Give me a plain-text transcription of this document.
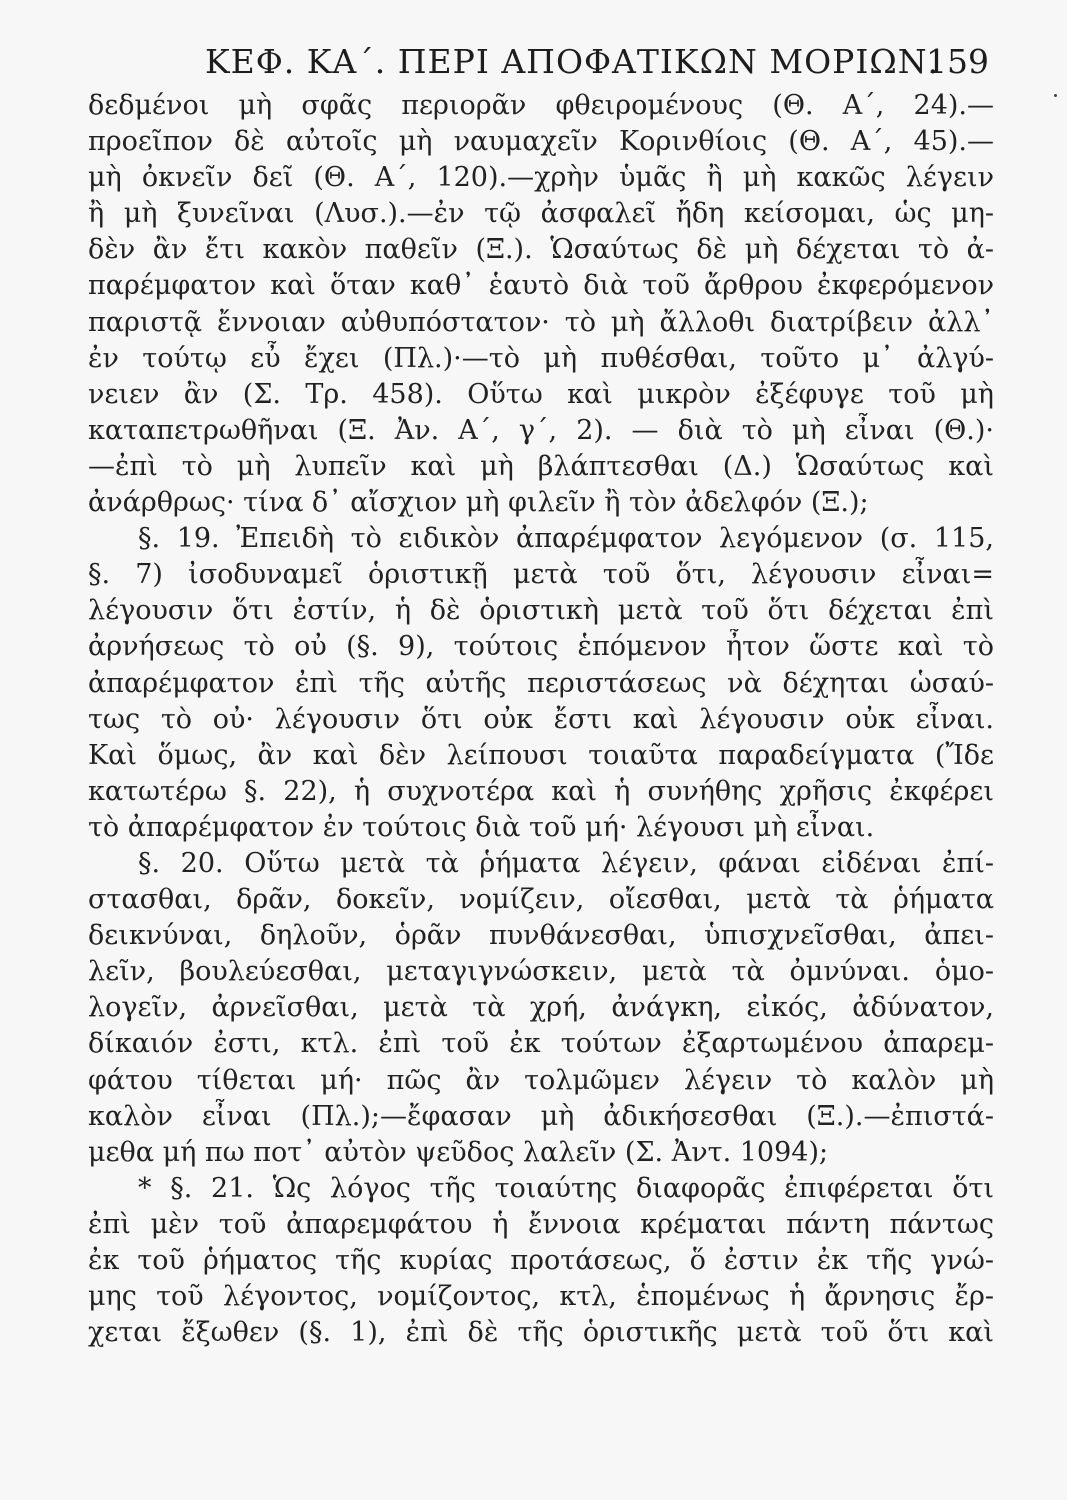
ΚΕΦ. ΚΑ΄. ΠΕΡΙ ΑΠΟΦΑΤΙΚΩΝ ΜΟΡΙΩΝ.
159
δεδμένοι μὴ σφᾶς περιορᾶν φθειρομένους (Θ. Α΄, 24).—
προεῖπον δὲ αὐτοῖς μὴ ναυμαχεῖν Κορινθίοις (Θ. Α΄, 45).—
μὴ ὀκνεῖν δεῖ (Θ. Α΄, 120).—χρὴν ὑμᾶς ἢ μὴ κακῶς λέγειν
ἢ μὴ ξυνεῖναι (Λυσ.).—ἐν τῷ ἀσφαλεῖ ἤδη κείσομαι, ὡς μη-
δὲν ἂν ἔτι κακὸν παθεῖν (Ξ.). Ὡσαύτως δὲ μὴ δέχεται τὸ ἀ-
παρέμφατον καὶ ὅταν καθ᾽ ἑαυτὸ διὰ τοῦ ἄρθρου ἐκφερόμενον
παριστᾷ ἔννοιαν αὐθυπόστατον· τὸ μὴ ἄλλοθι διατρίβειν ἀλλ᾽
ἐν τούτῳ εὖ ἔχει (Πλ.)·—τὸ μὴ πυθέσθαι, τοῦτο μ᾽ ἀλγύ-
νειεν ἂν (Σ. Τρ. 458). Οὕτω καὶ μικρὸν ἐξέφυγε τοῦ μὴ
καταπετρωθῆναι (Ξ. Ἀν. Α΄, γ΄, 2). — διὰ τὸ μὴ εἶναι (Θ.)·
—ἐπὶ τὸ μὴ λυπεῖν καὶ μὴ βλάπτεσθαι (Δ.) Ὡσαύτως καὶ
ἀνάρθρως· τίνα δ᾽ αἴσχιον μὴ φιλεῖν ἢ τὸν ἀδελφόν (Ξ.);
§. 19. Ἐπειδὴ τὸ ειδικὸν ἀπαρέμφατον λεγόμενον (σ. 115,
§. 7) ἰσοδυναμεῖ ὁριστικῇ μετὰ τοῦ ὅτι, λέγουσιν εἶναι=
λέγουσιν ὅτι ἐστίν, ἡ δὲ ὁριστικὴ μετὰ τοῦ ὅτι δέχεται ἐπὶ
ἀρνήσεως τὸ οὐ (§. 9), τούτοις ἑπόμενον ἦτον ὥστε καὶ τὸ
ἀπαρέμφατον ἐπὶ τῆς αὐτῆς περιστάσεως νὰ δέχηται ὡσαύ-
τως τὸ οὐ· λέγουσιν ὅτι οὐκ ἔστι καὶ λέγουσιν οὐκ εἶναι.
Καὶ ὅμως, ἂν καὶ δὲν λείπουσι τοιαῦτα παραδείγματα (Ἴδε
κατωτέρω §. 22), ἡ συχνοτέρα καὶ ἡ συνήθης χρῆσις ἐκφέρει
τὸ ἀπαρέμφατον ἐν τούτοις διὰ τοῦ μή· λέγουσι μὴ εἶναι.
§. 20. Οὕτω μετὰ τὰ ῥήματα λέγειν, φάναι εἰδέναι ἐπί-
στασθαι, δρᾶν, δοκεῖν, νομίζειν, οἴεσθαι, μετὰ τὰ ῥήματα
δεικνύναι, δηλοῦν, ὁρᾶν πυνθάνεσθαι, ὑπισχνεῖσθαι, ἀπει-
λεῖν, βουλεύεσθαι, μεταγιγνώσκειν, μετὰ τὰ ὀμνύναι. ὁμο-
λογεῖν, ἀρνεῖσθαι, μετὰ τὰ χρή, ἀνάγκη, εἰκός, ἀδύνατον,
δίκαιόν ἐστι, κτλ. ἐπὶ τοῦ ἐκ τούτων ἐξαρτωμένου ἀπαρεμ-
φάτου τίθεται μή· πῶς ἂν τολμῶμεν λέγειν τὸ καλὸν μὴ
καλὸν εἶναι (Πλ.);—ἔφασαν μὴ ἀδικήσεσθαι (Ξ.).—ἐπιστά-
μεθα μή πω ποτ᾽ αὐτὸν ψεῦδος λαλεῖν (Σ. Ἀντ. 1094);
* §. 21. Ὡς λόγος τῆς τοιαύτης διαφορᾶς ἐπιφέρεται ὅτι
ἐπὶ μὲν τοῦ ἀπαρεμφάτου ἡ ἔννοια κρέμαται πάντη πάντως
ἐκ τοῦ ῥήματος τῆς κυρίας προτάσεως, ὅ ἐστιν ἐκ τῆς γνώ-
μης τοῦ λέγοντος, νομίζοντος, κτλ, ἑπομένως ἡ ἄρνησις ἔρ-
χεται ἔξωθεν (§. 1), ἐπὶ δὲ τῆς ὁριστικῆς μετὰ τοῦ ὅτι καὶ
